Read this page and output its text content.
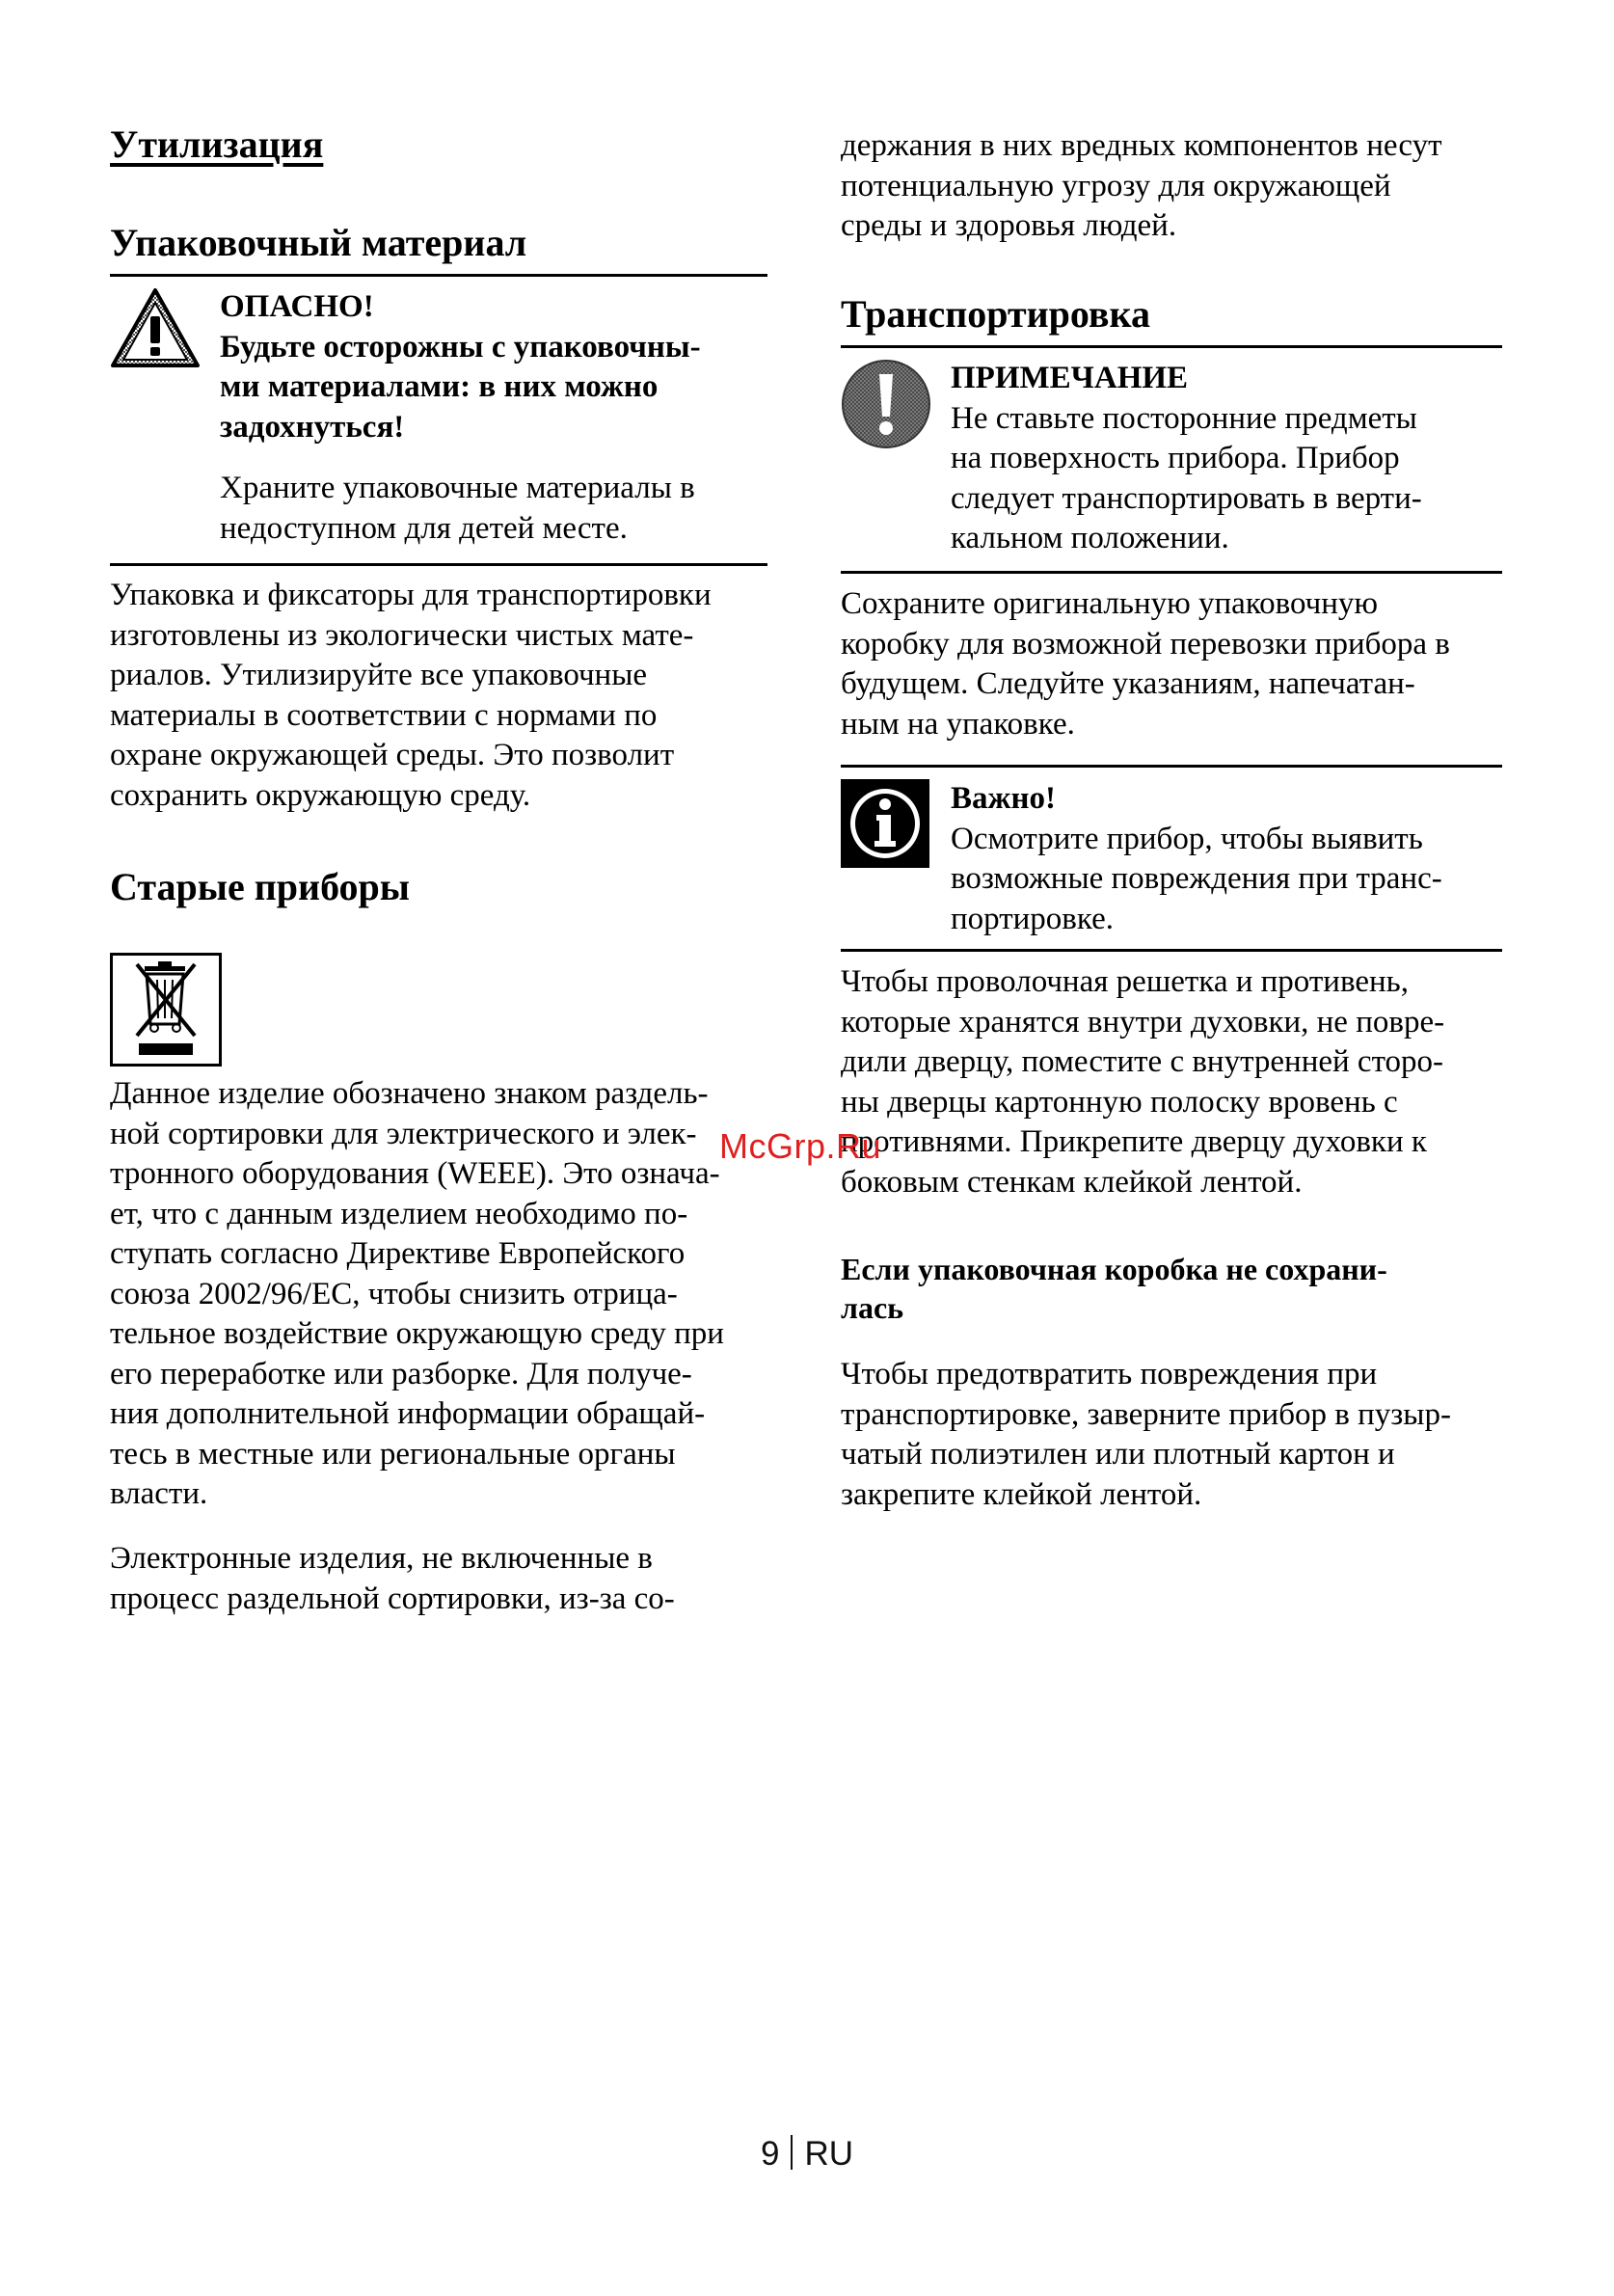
Утилизация
Упаковочный материал

ОПАСНО!

Будьте осторожны с упаковочны-

ми материалами: в них можно

задохнуться!

Храните упаковочные материалы в

недоступном для детей месте.

Упаковка и фиксаторы для транспортировки

изготовлены из экологически чистых мате-

риалов. Утилизируйте все упаковочные

материалы в соответствии с нормами по

охране окружающей среды. Это позволит

сохранить окружающую среду.

Старые приборы

Данное изделие обозначено знаком раздель-

ной сортировки для электрического и элек-

тронного оборудования (WEEE). Это означа-

ет, что с данным изделием необходимо по-

ступать согласно Директиве Европейского

союза 2002/96/EC, чтобы снизить отрица-

тельное воздействие окружающую среду при

его переработке или разборке. Для получе-

ния дополнительной информации обращай-

тесь в местные или региональные органы

власти.

Электронные изделия, не включенные в

процесс раздельной сортировки, из-за со-

держания в них вредных компонентов несут

потенциальную угрозу для окружающей

среды и здоровья людей.

Транспортировка

ПРИМЕЧАНИЕ

Не ставьте посторонние предметы

на поверхность прибора. Прибор

следует транспортировать в верти-

кальном положении.

Сохраните оригинальную упаковочную

коробку для возможной перевозки прибора в

будущем. Следуйте указаниям, напечатан-

ным на упаковке.

Важно!

Осмотрите прибор, чтобы выявить

возможные повреждения при транс-

портировке.

Чтобы проволочная решетка и противень,

которые хранятся внутри духовки, не повре-

дили дверцу, поместите с внутренней сторо-

ны дверцы картонную полоску вровень с

противнями. Прикрепите дверцу духовки к

боковым стенкам клейкой лентой.

Если упаковочная коробка не сохрани-
лась

Чтобы предотвратить повреждения при

транспортировке, заверните прибор в пузыр-

чатый полиэтилен или плотный картон и

закрепите клейкой лентой.

McGrp.Ru
9 RU
